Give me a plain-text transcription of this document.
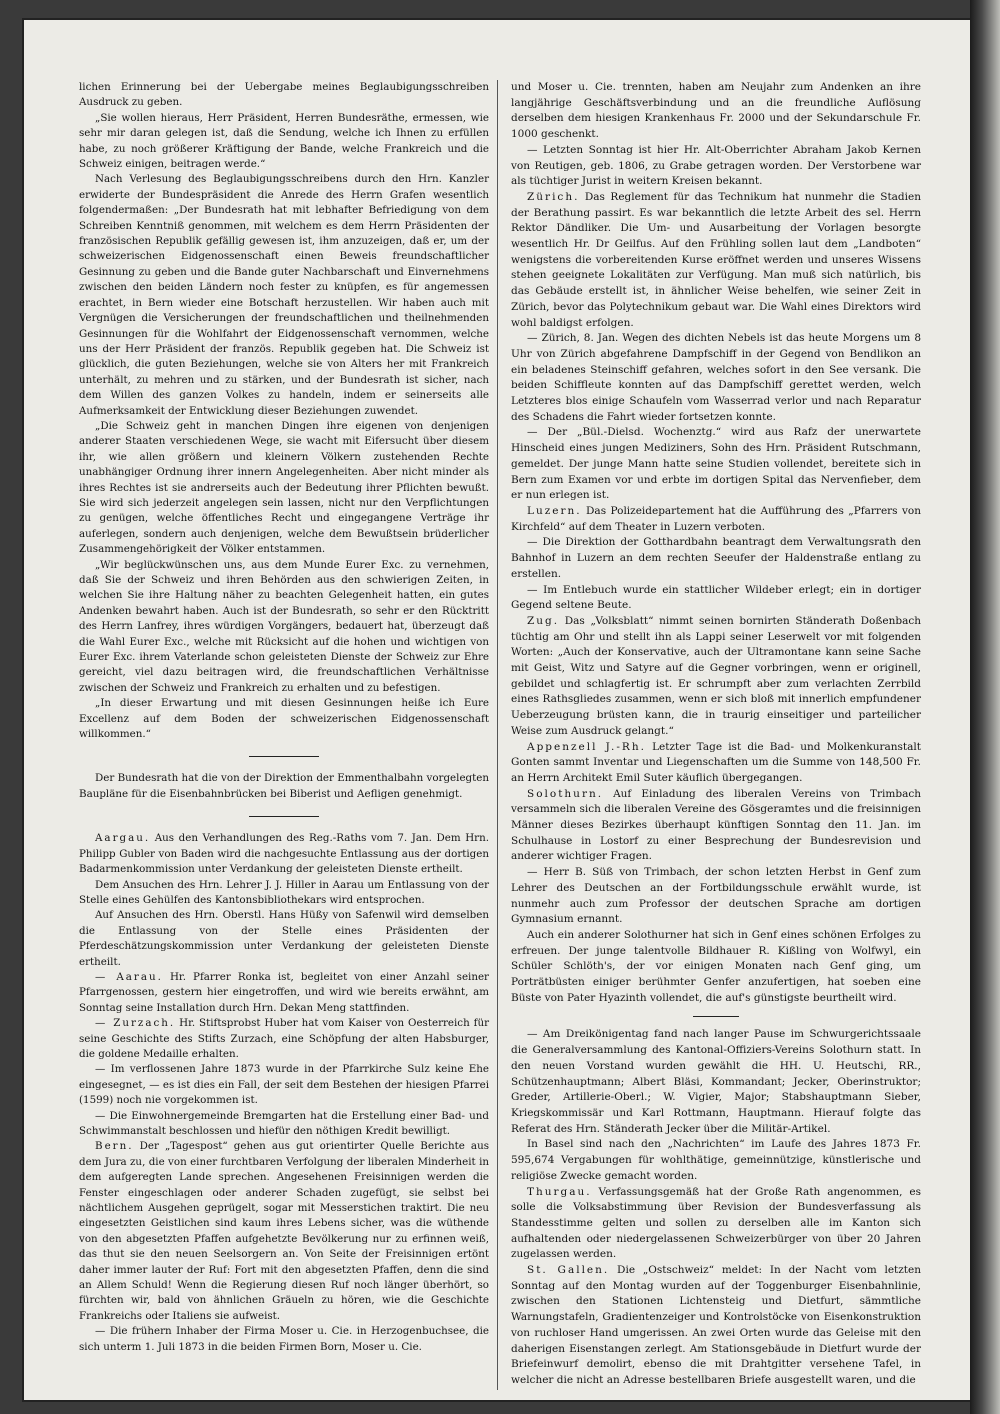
lichen Erinnerung bei der Uebergabe meines Beglaubigungsschreiben Ausdruck zu geben.

„Sie wollen hieraus, Herr Präsident, Herren Bundesräthe, ermessen, wie sehr mir daran gelegen ist, daß die Sendung, welche ich Ihnen zu erfüllen habe, zu noch größerer Kräftigung der Bande, welche Frankreich und die Schweiz einigen, beitragen werde.“

Nach Verlesung des Beglaubigungsschreibens durch den Hrn. Kanzler erwiderte der Bundespräsident die Anrede des Herrn Grafen wesentlich folgendermaßen: „Der Bundesrath hat mit lebhafter Befriedigung von dem Schreiben Kenntniß genommen, mit welchem es dem Herrn Präsidenten der französischen Republik gefällig gewesen ist, ihm anzuzeigen, daß er, um der schweizerischen Eidgenossenschaft einen Beweis freundschaftlicher Gesinnung zu geben und die Bande guter Nachbarschaft und Einvernehmens zwischen den beiden Ländern noch fester zu knüpfen, es für angemessen erachtet, in Bern wieder eine Botschaft herzustellen. Wir haben auch mit Vergnügen die Versicherungen der freundschaftlichen und theilnehmenden Gesinnungen für die Wohlfahrt der Eidgenossenschaft vernommen, welche uns der Herr Präsident der französ. Republik gegeben hat. Die Schweiz ist glücklich, die guten Beziehungen, welche sie von Alters her mit Frankreich unterhält, zu mehren und zu stärken, und der Bundesrath ist sicher, nach dem Willen des ganzen Volkes zu handeln, indem er seinerseits alle Aufmerksamkeit der Entwicklung dieser Beziehungen zuwendet.

„Die Schweiz geht in manchen Dingen ihre eigenen von denjenigen anderer Staaten verschiedenen Wege, sie wacht mit Eifersucht über diesem ihr, wie allen größern und kleinern Völkern zustehenden Rechte unabhängiger Ordnung ihrer innern Angelegenheiten. Aber nicht minder als ihres Rechtes ist sie andrerseits auch der Bedeutung ihrer Pflichten bewußt. Sie wird sich jederzeit angelegen sein lassen, nicht nur den Verpflichtungen zu genügen, welche öffentliches Recht und eingegangene Verträge ihr auferlegen, sondern auch denjenigen, welche dem Bewußtsein brüderlicher Zusammengehörigkeit der Völker entstammen.

„Wir beglückwünschen uns, aus dem Munde Eurer Exc. zu vernehmen, daß Sie der Schweiz und ihren Behörden aus den schwierigen Zeiten, in welchen Sie ihre Haltung näher zu beachten Gelegenheit hatten, ein gutes Andenken bewahrt haben. Auch ist der Bundesrath, so sehr er den Rücktritt des Herrn Lanfrey, ihres würdigen Vorgängers, bedauert hat, überzeugt daß die Wahl Eurer Exc., welche mit Rücksicht auf die hohen und wichtigen von Eurer Exc. ihrem Vaterlande schon geleisteten Dienste der Schweiz zur Ehre gereicht, viel dazu beitragen wird, die freundschaftlichen Verhältnisse zwischen der Schweiz und Frankreich zu erhalten und zu befestigen.

„In dieser Erwartung und mit diesen Gesinnungen heiße ich Eure Excellenz auf dem Boden der schweizerischen Eidgenossenschaft willkommen.“

Der Bundesrath hat die von der Direktion der Emmenthalbahn vorgelegten Baupläne für die Eisenbahnbrücken bei Biberist und Aefligen genehmigt.

Aargau. Aus den Verhandlungen des Reg.-Raths vom 7. Jan. Dem Hrn. Philipp Gubler von Baden wird die nachgesuchte Entlassung aus der dortigen Badarmenkommission unter Verdankung der geleisteten Dienste ertheilt.

Dem Ansuchen des Hrn. Lehrer J. J. Hiller in Aarau um Entlassung von der Stelle eines Gehülfen des Kantonsbibliothekars wird entsprochen.

Auf Ansuchen des Hrn. Oberstl. Hans Hüßy von Safenwil wird demselben die Entlassung von der Stelle eines Präsidenten der Pferdeschätzungskommission unter Verdankung der geleisteten Dienste ertheilt.

— Aarau. Hr. Pfarrer Ronka ist, begleitet von einer Anzahl seiner Pfarrgenossen, gestern hier eingetroffen, und wird wie bereits erwähnt, am Sonntag seine Installation durch Hrn. Dekan Meng stattfinden.

— Zurzach. Hr. Stiftsprobst Huber hat vom Kaiser von Oesterreich für seine Geschichte des Stifts Zurzach, eine Schöpfung der alten Habsburger, die goldene Medaille erhalten.

— Im verflossenen Jahre 1873 wurde in der Pfarrkirche Sulz keine Ehe eingesegnet, — es ist dies ein Fall, der seit dem Bestehen der hiesigen Pfarrei (1599) noch nie vorgekommen ist.

— Die Einwohnergemeinde Bremgarten hat die Erstellung einer Bad- und Schwimmanstalt beschlossen und hiefür den nöthigen Kredit bewilligt.

Bern. Der „Tagespost“ gehen aus gut orientirter Quelle Berichte aus dem Jura zu, die von einer furchtbaren Verfolgung der liberalen Minderheit in dem aufgeregten Lande sprechen. Angesehenen Freisinnigen werden die Fenster eingeschlagen oder anderer Schaden zugefügt, sie selbst bei nächtlichem Ausgehen geprügelt, sogar mit Messerstichen traktirt. Die neu eingesetzten Geistlichen sind kaum ihres Lebens sicher, was die wüthende von den abgesetzten Pfaffen aufgehetzte Bevölkerung nur zu erfinnen weiß, das thut sie den neuen Seelsorgern an. Von Seite der Freisinnigen ertönt daher immer lauter der Ruf: Fort mit den abgesetzten Pfaffen, denn die sind an Allem Schuld! Wenn die Regierung diesen Ruf noch länger überhört, so fürchten wir, bald von ähnlichen Gräueln zu hören, wie die Geschichte Frankreichs oder Italiens sie aufweist.

— Die frühern Inhaber der Firma Moser u. Cie. in Herzogenbuchsee, die sich unterm 1. Juli 1873 in die beiden Firmen Born, Moser u. Cie.

und Moser u. Cie. trennten, haben am Neujahr zum Andenken an ihre langjährige Geschäftsverbindung und an die freundliche Auflösung derselben dem hiesigen Krankenhaus Fr. 2000 und der Sekundarschule Fr. 1000 geschenkt.

— Letzten Sonntag ist hier Hr. Alt-Oberrichter Abraham Jakob Kernen von Reutigen, geb. 1806, zu Grabe getragen worden. Der Verstorbene war als tüchtiger Jurist in weitern Kreisen bekannt.

Zürich. Das Reglement für das Technikum hat nunmehr die Stadien der Berathung passirt. Es war bekanntlich die letzte Arbeit des sel. Herrn Rektor Dändliker. Die Um- und Ausarbeitung der Vorlagen besorgte wesentlich Hr. Dr Geilfus. Auf den Frühling sollen laut dem „Landboten“ wenigstens die vorbereitenden Kurse eröffnet werden und unseres Wissens stehen geeignete Lokalitäten zur Verfügung. Man muß sich natürlich, bis das Gebäude erstellt ist, in ähnlicher Weise behelfen, wie seiner Zeit in Zürich, bevor das Polytechnikum gebaut war. Die Wahl eines Direktors wird wohl baldigst erfolgen.

— Zürich, 8. Jan. Wegen des dichten Nebels ist das heute Morgens um 8 Uhr von Zürich abgefahrene Dampfschiff in der Gegend von Bendlikon an ein beladenes Steinschiff gefahren, welches sofort in den See versank. Die beiden Schiffleute konnten auf das Dampfschiff gerettet werden, welch Letzteres blos einige Schaufeln vom Wasserrad verlor und nach Reparatur des Schadens die Fahrt wieder fortsetzen konnte.

— Der „Bül.-Dielsd. Wochenztg.“ wird aus Rafz der unerwartete Hinscheid eines jungen Mediziners, Sohn des Hrn. Präsident Rutschmann, gemeldet. Der junge Mann hatte seine Studien vollendet, bereitete sich in Bern zum Examen vor und erbte im dortigen Spital das Nervenfieber, dem er nun erlegen ist.

Luzern. Das Polizeidepartement hat die Aufführung des „Pfarrers von Kirchfeld“ auf dem Theater in Luzern verboten.

— Die Direktion der Gotthardbahn beantragt dem Verwaltungsrath den Bahnhof in Luzern an dem rechten Seeufer der Haldenstraße entlang zu erstellen.

— Im Entlebuch wurde ein stattlicher Wildeber erlegt; ein in dortiger Gegend seltene Beute.

Zug. Das „Volksblatt“ nimmt seinen bornirten Ständerath Doßenbach tüchtig am Ohr und stellt ihn als Lappi seiner Leserwelt vor mit folgenden Worten: „Auch der Konservative, auch der Ultramontane kann seine Sache mit Geist, Witz und Satyre auf die Gegner vorbringen, wenn er originell, gebildet und schlagfertig ist. Er schrumpft aber zum verlachten Zerrbild eines Rathsgliedes zusammen, wenn er sich bloß mit innerlich empfundener Ueberzeugung brüsten kann, die in traurig einseitiger und parteilicher Weise zum Ausdruck gelangt.“

Appenzell J.-Rh. Letzter Tage ist die Bad- und Molkenkuranstalt Gonten sammt Inventar und Liegenschaften um die Summe von 148,500 Fr. an Herrn Architekt Emil Suter käuflich übergegangen.

Solothurn. Auf Einladung des liberalen Vereins von Trimbach versammeln sich die liberalen Vereine des Gösgeramtes und die freisinnigen Männer dieses Bezirkes überhaupt künftigen Sonntag den 11. Jan. im Schulhause in Lostorf zu einer Besprechung der Bundesrevision und anderer wichtiger Fragen.

— Herr B. Süß von Trimbach, der schon letzten Herbst in Genf zum Lehrer des Deutschen an der Fortbildungsschule erwählt wurde, ist nunmehr auch zum Professor der deutschen Sprache am dortigen Gymnasium ernannt.

Auch ein anderer Solothurner hat sich in Genf eines schönen Erfolges zu erfreuen. Der junge talentvolle Bildhauer R. Kißling von Wolfwyl, ein Schüler Schlöth's, der vor einigen Monaten nach Genf ging, um Porträtbüsten einiger berühmter Genfer anzufertigen, hat soeben eine Büste von Pater Hyazinth vollendet, die auf's günstigste beurtheilt wird.

— Am Dreikönigentag fand nach langer Pause im Schwurgerichtssaale die Generalversammlung des Kantonal-Offiziers-Vereins Solothurn statt. In den neuen Vorstand wurden gewählt die HH. U. Heutschi, RR., Schützenhauptmann; Albert Bläsi, Kommandant; Jecker, Oberinstruktor; Greder, Artillerie-Oberl.; W. Vigier, Major; Stabshauptmann Sieber, Kriegskommissär und Karl Rottmann, Hauptmann. Hierauf folgte das Referat des Hrn. Ständerath Jecker über die Militär-Artikel.

In Basel sind nach den „Nachrichten“ im Laufe des Jahres 1873 Fr. 595,674 Vergabungen für wohlthätige, gemeinnützige, künstlerische und religiöse Zwecke gemacht worden.

Thurgau. Verfassungsgemäß hat der Große Rath angenommen, es solle die Volksabstimmung über Revision der Bundesverfassung als Standesstimme gelten und sollen zu derselben alle im Kanton sich aufhaltenden oder niedergelassenen Schweizerbürger von über 20 Jahren zugelassen werden.

St. Gallen. Die „Ostschweiz“ meldet: In der Nacht vom letzten Sonntag auf den Montag wurden auf der Toggenburger Eisenbahnlinie, zwischen den Stationen Lichtensteig und Dietfurt, sämmtliche Warnungstafeln, Gradientenzeiger und Kontrolstöcke von Eisenkonstruktion von ruchloser Hand umgerissen. An zwei Orten wurde das Geleise mit den daherigen Eisenstangen zerlegt. Am Stationsgebäude in Dietfurt wurde der Briefeinwurf demolirt, ebenso die mit Drahtgitter versehene Tafel, in welcher die nicht an Adresse bestellbaren Briefe ausgestellt waren, und die
